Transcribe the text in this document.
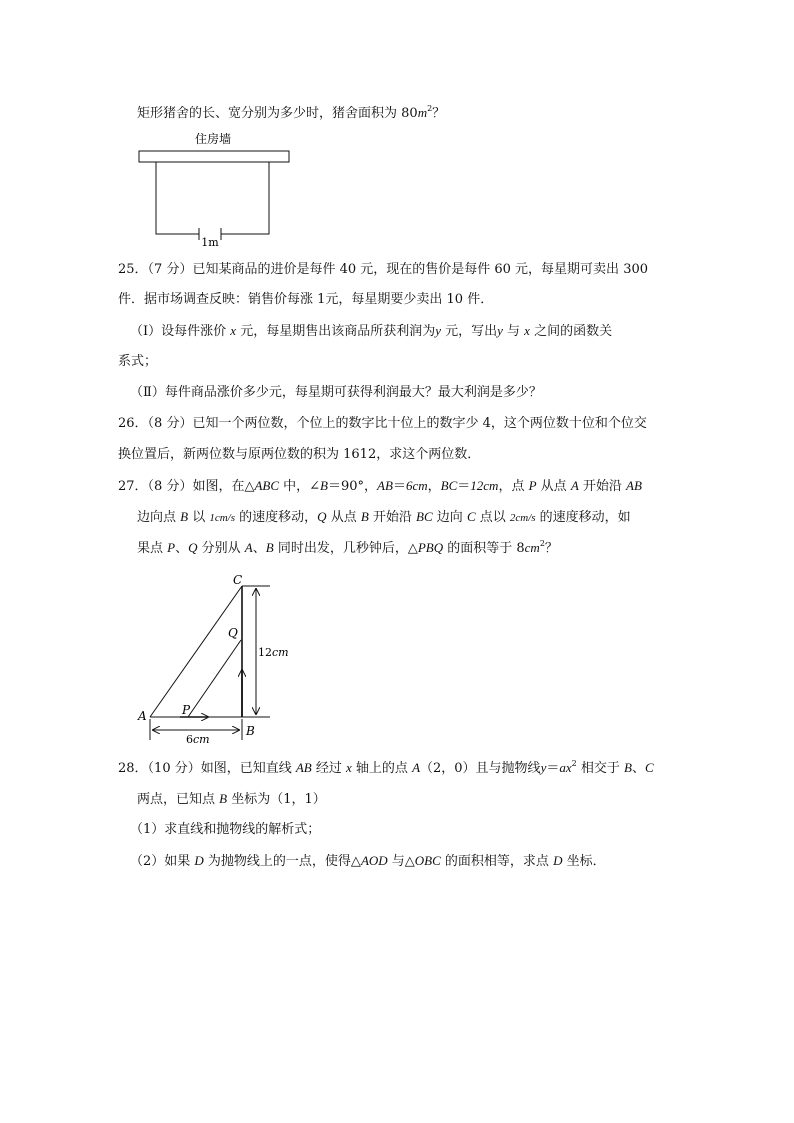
矩形猪舍的长、宽分别为多少时，猪舍面积为 $80m^2$？
住房墙
1m
25．（7 分）已知某商品的进价是每件 40 元，现在的售价是每件 60 元，每星期可卖出 300
件．据市场调查反映：销售价每涨 1元，每星期要少卖出 10 件．
（Ⅰ）设每件涨价 x 元，每星期售出该商品所获利润为y 元，写出y 与 x 之间的函数关
系式；
（Ⅱ）每件商品涨价多少元，每星期可获得利润最大？最大利润是多少？
26．（8 分）已知一个两位数，个位上的数字比十位上的数字少 4，这个两位数十位和个位交
换位置后，新两位数与原两位数的积为 1612，求这个两位数．
27．（8 分）如图，在△ABC 中，∠B＝90°，AB＝6cm，BC＝12cm，点 P 从点 A 开始沿 AB
边向点 B 以 1cm/s 的速度移动，Q 从点 B 开始沿 BC 边向 C 点以 2cm/s 的速度移动，如
果点 P、Q 分别从 A、B 同时出发，几秒钟后，△PBQ 的面积等于 $8cm^2$？
C
Q
A	P
B
12cm
6cm
28．（10 分）如图，已知直线 AB 经过 x 轴上的点 A（2，0）且与抛物线$y=ax^2$ 相交于 B、C
两点，已知点 B 坐标为（1，1）
（1）求直线和抛物线的解析式；
（2）如果 D 为抛物线上的一点，使得△AOD 与△OBC 的面积相等，求点 D 坐标．
